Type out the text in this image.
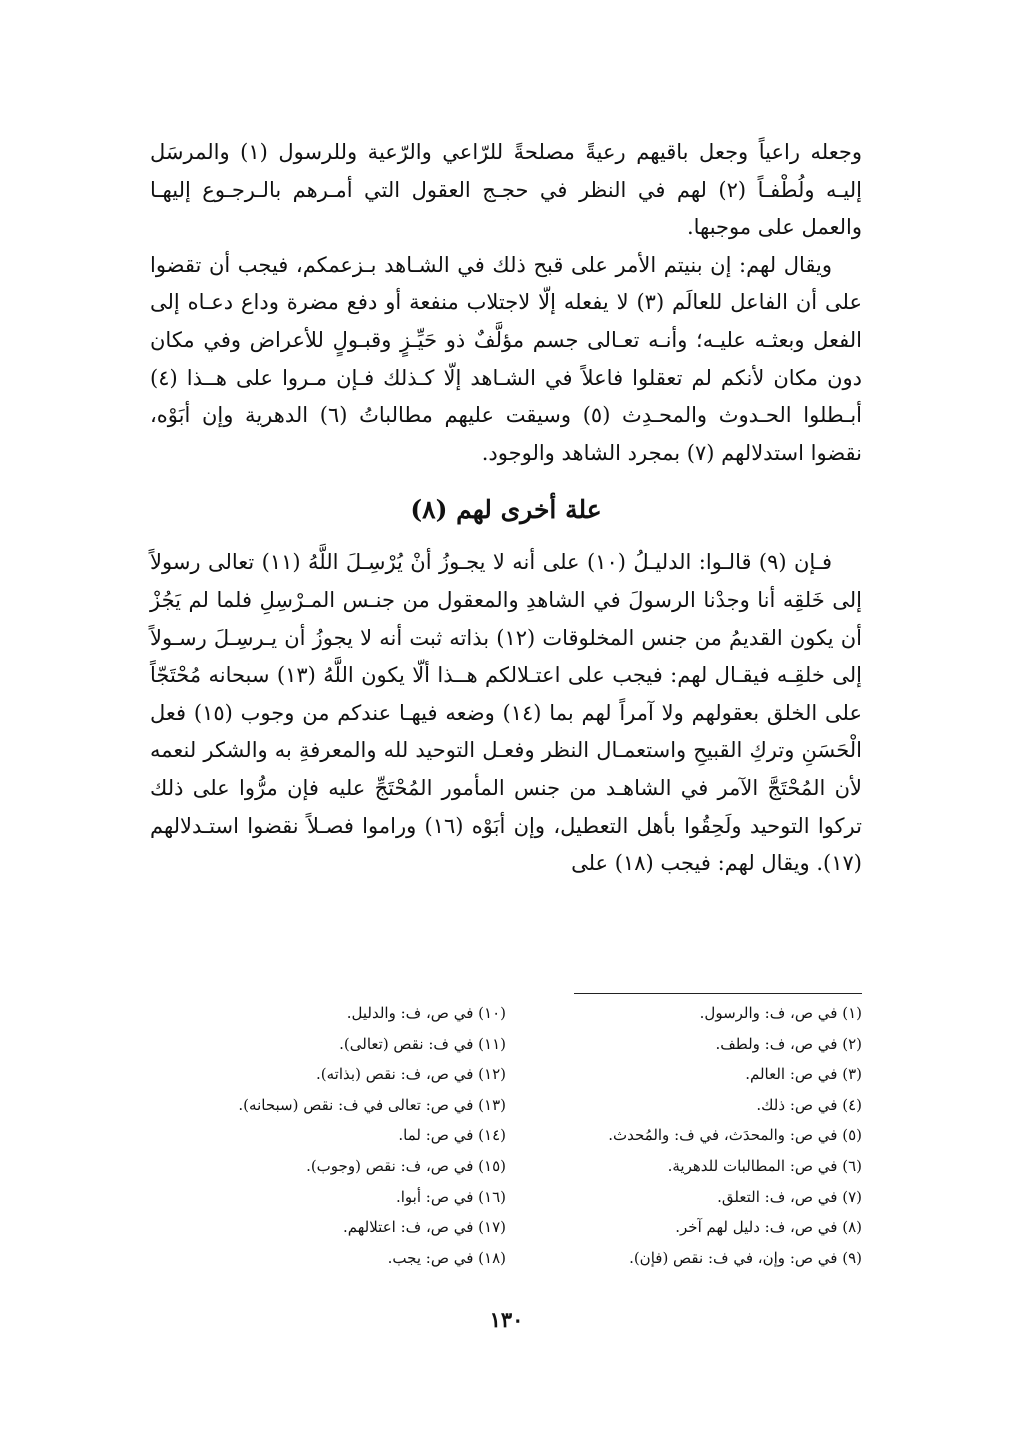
وجعله راعياً وجعل باقيهم رعيةً مصلحةً للرّاعي والرّعية وللرسول (١) والمرسَل إليـه ولُطْفـاً (٢) لهم في النظر في حجـج العقول التي أمـرهم بالـرجـوع إليهـا والعمل على موجبها.

ويقال لهم: إن بنيتم الأمر على قبح ذلك في الشـاهد بـزعمكم، فيجب أن تقضوا على أن الفاعل للعالَم (٣) لا يفعله إلّا لاجتلاب منفعة أو دفع مضرة وداع دعـاه إلى الفعل وبعثـه عليـه؛ وأنـه تعـالى جسم مؤلَّفٌ ذو حَيِّـزٍ وقبـولٍ للأعراض وفي مكان دون مكان لأنكم لم تعقلوا فاعلاً في الشـاهد إلّا كـذلك فـإن مـروا على هــذا (٤) أبـطلوا الحـدوث والمحـدِث (٥) وسيقت عليهم مطالباتُ (٦) الدهرية وإن أبَوْه، نقضوا استدلالهم (٧) بمجرد الشاهد والوجود.

علة أخرى لهم (٨)

فـإن (٩) قالـوا: الدليـلُ (١٠) على أنه لا يجـوزُ أنْ يُرْسِـلَ اللَّهُ (١١) تعالى رسولاً إلى خَلقِه أنا وجدْنا الرسولَ في الشاهدِ والمعقول من جنـس المـرْسِلِ فلما لم يَجُزْ أن يكون القديمُ من جنس المخلوقات (١٢) بذاته ثبت أنه لا يجوزُ أن يـرسِـلَ رسـولاً إلى خلقِـه فيقـال لهم: فيجب على اعتـلالكم هــذا ألّا يكون اللَّهُ (١٣) سبحانه مُحْتَجّاً على الخلق بعقولهم ولا آمراً لهم بما (١٤) وضعه فيهـا عندكم من وجوب (١٥) فعل الْحَسَنِ وتركِ القبيحِ واستعمـال النظر وفعـل التوحيد لله والمعرفةِ به والشكر لنعمه لأن المُحْتَجَّ الآمر في الشاهـد من جنس المأمور المُحْتَجِّ عليه فإن مرُّوا على ذلك تركوا التوحيد ولَحِقُوا بأهل التعطيل، وإن أبَوْه (١٦) وراموا فصـلاً نقضوا استـدلالهم (١٧). ويقال لهم: فيجب (١٨) على

(١) في ص، ف: والرسول.
(٢) في ص، ف: ولطف.
(٣) في ص: العالم.
(٤) في ص: ذلك.
(٥) في ص: والمحدَث، في ف: والمُحدث.
(٦) في ص: المطالبات للدهرية.
(٧) في ص، ف: التعلق.
(٨) في ص، ف: دليل لهم آخر.
(٩) في ص: وإن، في ف: نقص (فإن).
(١٠) في ص، ف: والدليل.
(١١) في ف: نقص (تعالى).
(١٢) في ص، ف: نقص (بذاته).
(١٣) في ص: تعالى في ف: نقص (سبحانه).
(١٤) في ص: لما.
(١٥) في ص، ف: نقص (وجوب).
(١٦) في ص: أبوا.
(١٧) في ص، ف: اعتلالهم.
(١٨) في ص: يجب.
١٣٠
